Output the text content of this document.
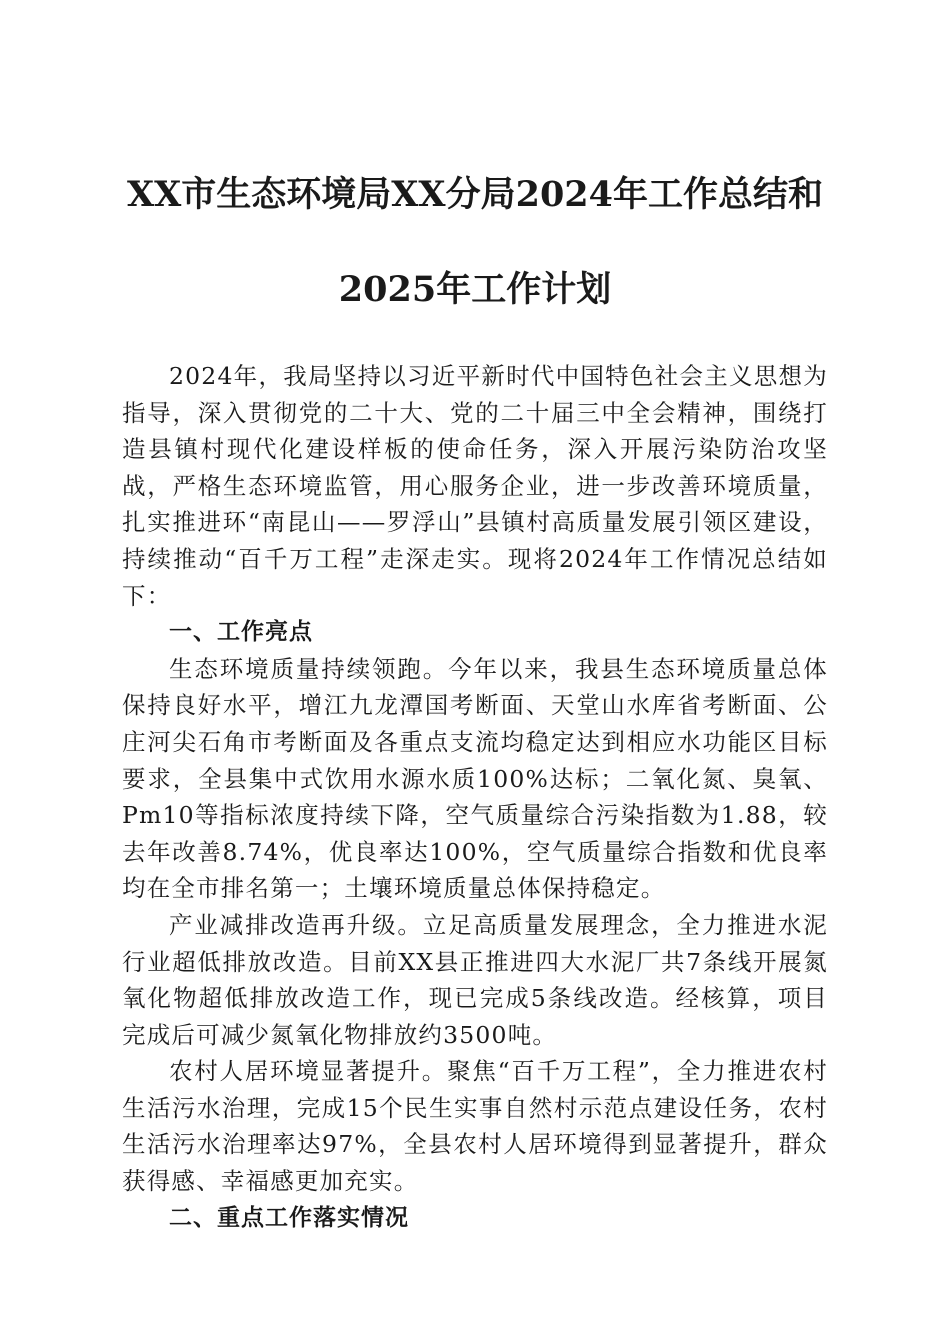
XX市生态环境局XX分局2024年工作总结和
2025年工作计划

2024年，我局坚持以习近平新时代中国特色社会主义思想为指导，深入贯彻党的二十大、党的二十届三中全会精神，围绕打造县镇村现代化建设样板的使命任务，深入开展污染防治攻坚战，严格生态环境监管，用心服务企业，进一步改善环境质量，扎实推进环“南昆山——罗浮山”县镇村高质量发展引领区建设，持续推动“百千万工程”走深走实。现将2024年工作情况总结如下：

一、工作亮点

生态环境质量持续领跑。今年以来，我县生态环境质量总体保持良好水平，增江九龙潭国考断面、天堂山水库省考断面、公庄河尖石角市考断面及各重点支流均稳定达到相应水功能区目标要求，全县集中式饮用水源水质100%达标；二氧化氮、臭氧、Pm10等指标浓度持续下降，空气质量综合污染指数为1.88，较去年改善8.74%，优良率达100%，空气质量综合指数和优良率均在全市排名第一；土壤环境质量总体保持稳定。

产业减排改造再升级。立足高质量发展理念，全力推进水泥行业超低排放改造。目前XX县正推进四大水泥厂共7条线开展氮氧化物超低排放改造工作，现已完成5条线改造。经核算，项目完成后可减少氮氧化物排放约3500吨。

农村人居环境显著提升。聚焦“百千万工程”，全力推进农村生活污水治理，完成15个民生实事自然村示范点建设任务，农村生活污水治理率达97%，全县农村人居环境得到显著提升，群众获得感、幸福感更加充实。

二、重点工作落实情况
